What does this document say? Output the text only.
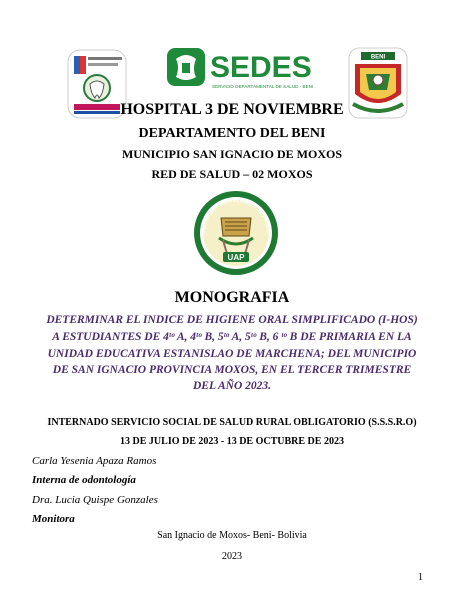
SEDES
SERVICIO DEPARTAMENTAL DE SALUD - BENI
BENI
HOSPITAL 3 DE NOVIEMBRE
DEPARTAMENTO DEL BENI
MUNICIPIO SAN IGNACIO DE MOXOS
RED DE SALUD – 02 MOXOS
UAP
UNIVERSIDAD AMAZONICA DE PANDO
MONOGRAFIA
DETERMINAR EL INDICE DE HIGIENE ORAL SIMPLIFICADO (I-HOS)
A ESTUDIANTES DE 4ᵗᵒ A, 4ᵗᵒ B, 5ᵗᵒ A, 5ᵗᵒ B, 6 ᵗᵒ B DE PRIMARIA EN LA
UNIDAD EDUCATIVA ESTANISLAO DE MARCHENA; DEL MUNICIPIO
DE SAN IGNACIO PROVINCIA MOXOS, EN EL TERCER TRIMESTRE
DEL AÑO 2023.
INTERNADO SERVICIO SOCIAL DE SALUD RURAL OBLIGATORIO (S.S.S.R.O)
13 DE JULIO DE 2023 - 13 DE OCTUBRE DE 2023
Carla Yesenia Apaza Ramos
Interna de odontología
Dra. Lucia Quispe Gonzales
Monitora
San Ignacio de Moxos- Beni- Bolivia
2023
1
